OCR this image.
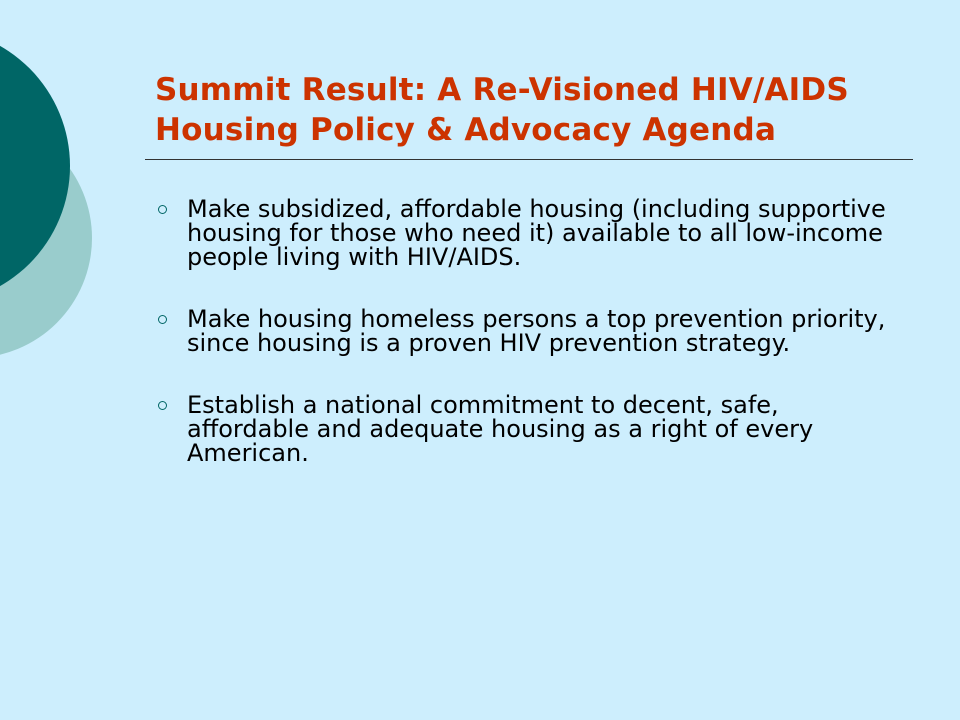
Summit Result: A Re-Visioned HIV/AIDS
Housing Policy & Advocacy Agenda
Make subsidized, affordable housing (including supportive housing for those who need it) available to all low-income people living with HIV/AIDS.
Make housing homeless persons a top prevention priority, since housing is a proven HIV prevention strategy.
Establish a national commitment to decent, safe, affordable and adequate housing as a right of every American.
